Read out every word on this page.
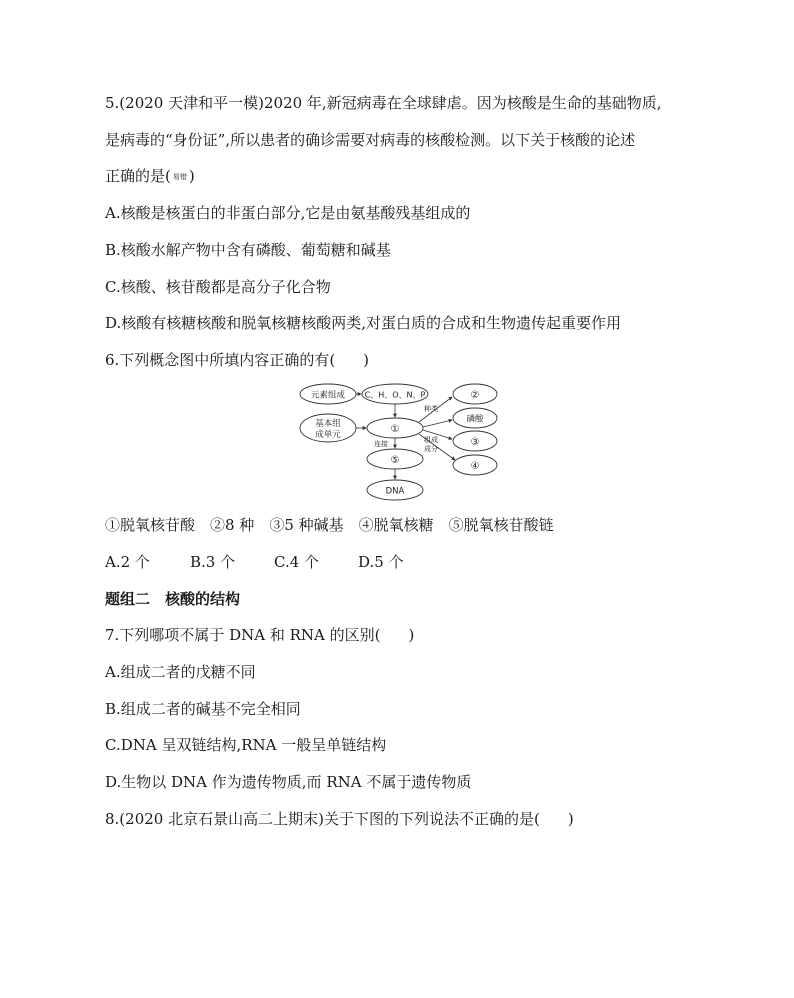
5.(2020 天津和平一模)2020 年,新冠病毒在全球肆虐。因为核酸是生命的基础物质,
是病毒的“身份证”,所以患者的确诊需要对病毒的核酸检测。以下关于核酸的论述
正确的是( 易错 )
A.核酸是核蛋白的非蛋白部分,它是由氨基酸残基组成的
B.核酸水解产物中含有磷酸、葡萄糖和碱基
C.核酸、核苷酸都是高分子化合物
D.核酸有核糖核酸和脱氧核糖核酸两类,对蛋白质的合成和生物遗传起重要作用
6.下列概念图中所填内容正确的有( )
元素组成 C、H、O、N、P
基本组
成单元	①
⑤
DNA
②
磷酸
③
④
种类
连接	组成
成分
①脱氧核苷酸　②8 种　③5 种碱基　④脱氧核糖　⑤脱氧核苷酸链
A.2 个	B.3 个	C.4 个	D.5 个
题组二　核酸的结构
7.下列哪项不属于 DNA 和 RNA 的区别( )
A.组成二者的戊糖不同
B.组成二者的碱基不完全相同
C.DNA 呈双链结构,RNA 一般呈单链结构
D.生物以 DNA 作为遗传物质,而 RNA 不属于遗传物质
8.(2020 北京石景山高二上期末)关于下图的下列说法不正确的是( )
